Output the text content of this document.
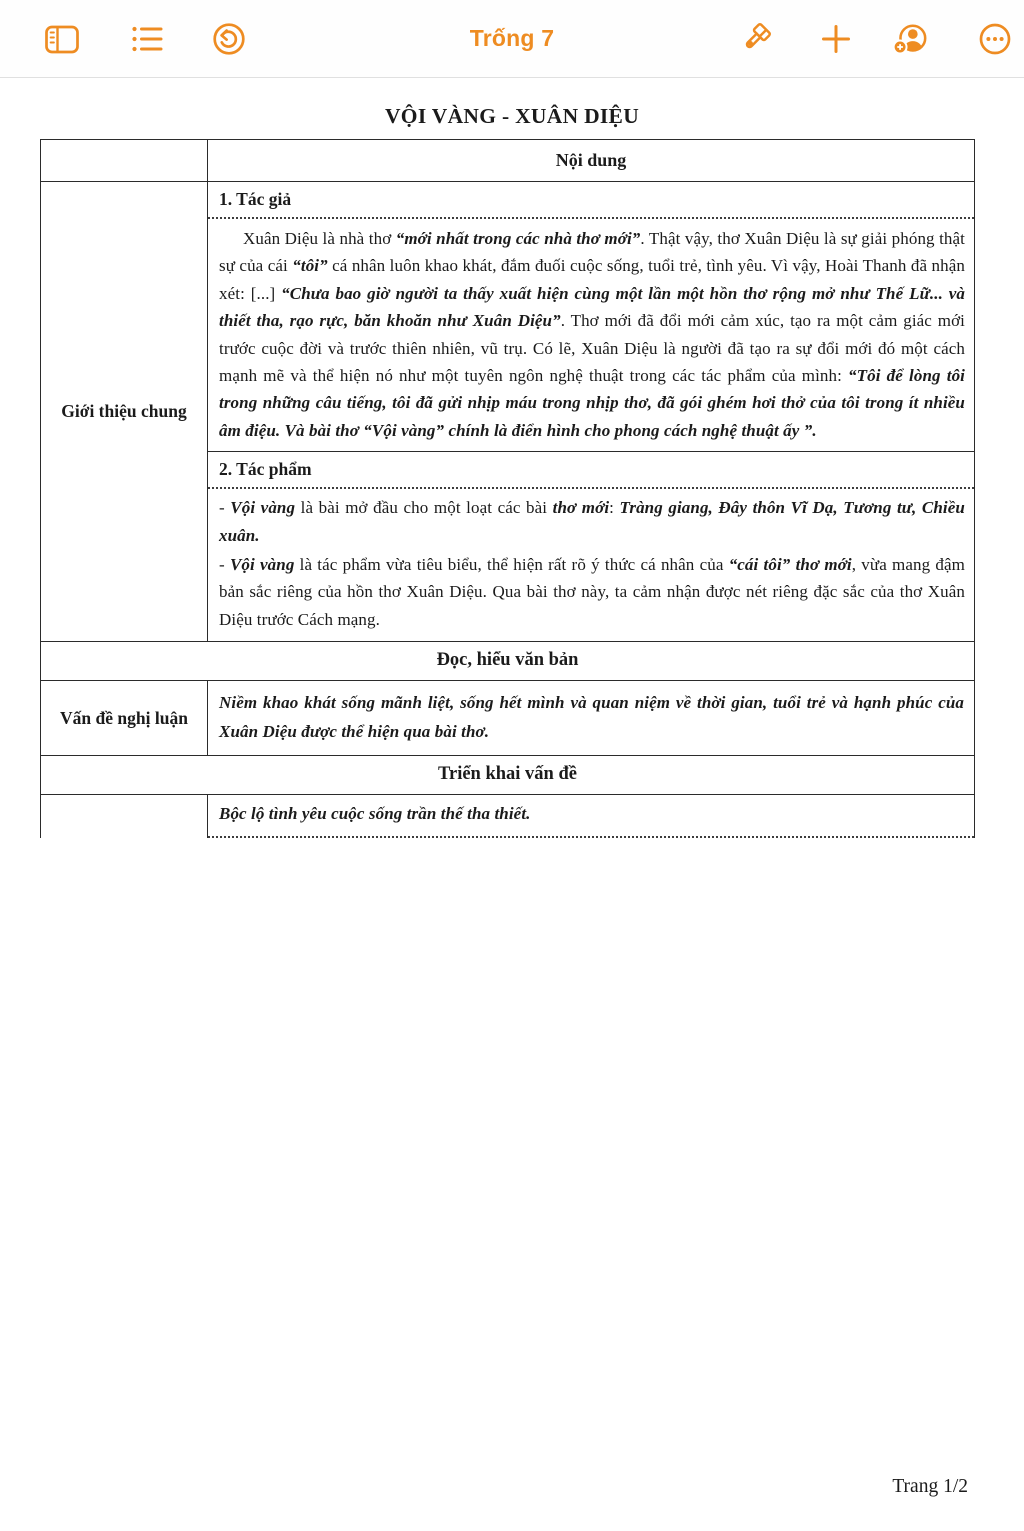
Trống 7
VỘI VÀNG - XUÂN DIỆU
Nội dung
Giới thiệu chung
1. Tác giả

Xuân Diệu là nhà thơ “mới nhất trong các nhà thơ mới”. Thật vậy, thơ Xuân Diệu là sự giải phóng thật sự của cái “tôi” cá nhân luôn khao khát, đắm đuối cuộc sống, tuổi trẻ, tình yêu. Vì vậy, Hoài Thanh đã nhận xét: [...] “Chưa bao giờ người ta thấy xuất hiện cùng một lần một hồn thơ rộng mở như Thế Lữ... và thiết tha, rạo rực, băn khoăn như Xuân Diệu”. Thơ mới đã đổi mới cảm xúc, tạo ra một cảm giác mới trước cuộc đời và trước thiên nhiên, vũ trụ. Có lẽ, Xuân Diệu là người đã tạo ra sự đổi mới đó một cách mạnh mẽ và thể hiện nó như một tuyên ngôn nghệ thuật trong các tác phẩm của mình: “Tôi để lòng tôi trong những câu tiếng, tôi đã gửi nhịp máu trong nhịp thơ, đã gói ghém hơi thở của tôi trong ít nhiều âm điệu. Và bài thơ “Vội vàng” chính là điển hình cho phong cách nghệ thuật ấy ”.

2. Tác phẩm

- Vội vàng là bài mở đầu cho một loạt các bài thơ mới: Tràng giang, Đây thôn Vĩ Dạ, Tương tư, Chiều xuân.

- Vội vàng là tác phẩm vừa tiêu biểu, thể hiện rất rõ ý thức cá nhân của “cái tôi” thơ mới, vừa mang đậm bản sắc riêng của hồn thơ Xuân Diệu. Qua bài thơ này, ta cảm nhận được nét riêng đặc sắc của thơ Xuân Diệu trước Cách mạng.

Đọc, hiểu văn bản
Vấn đề nghị luận

Niềm khao khát sống mãnh liệt, sống hết mình và quan niệm về thời gian, tuổi trẻ và hạnh phúc của Xuân Diệu được thể hiện qua bài thơ.

Triển khai vấn đề

Bộc lộ tình yêu cuộc sống trần thế tha thiết.

Trang 1/2
